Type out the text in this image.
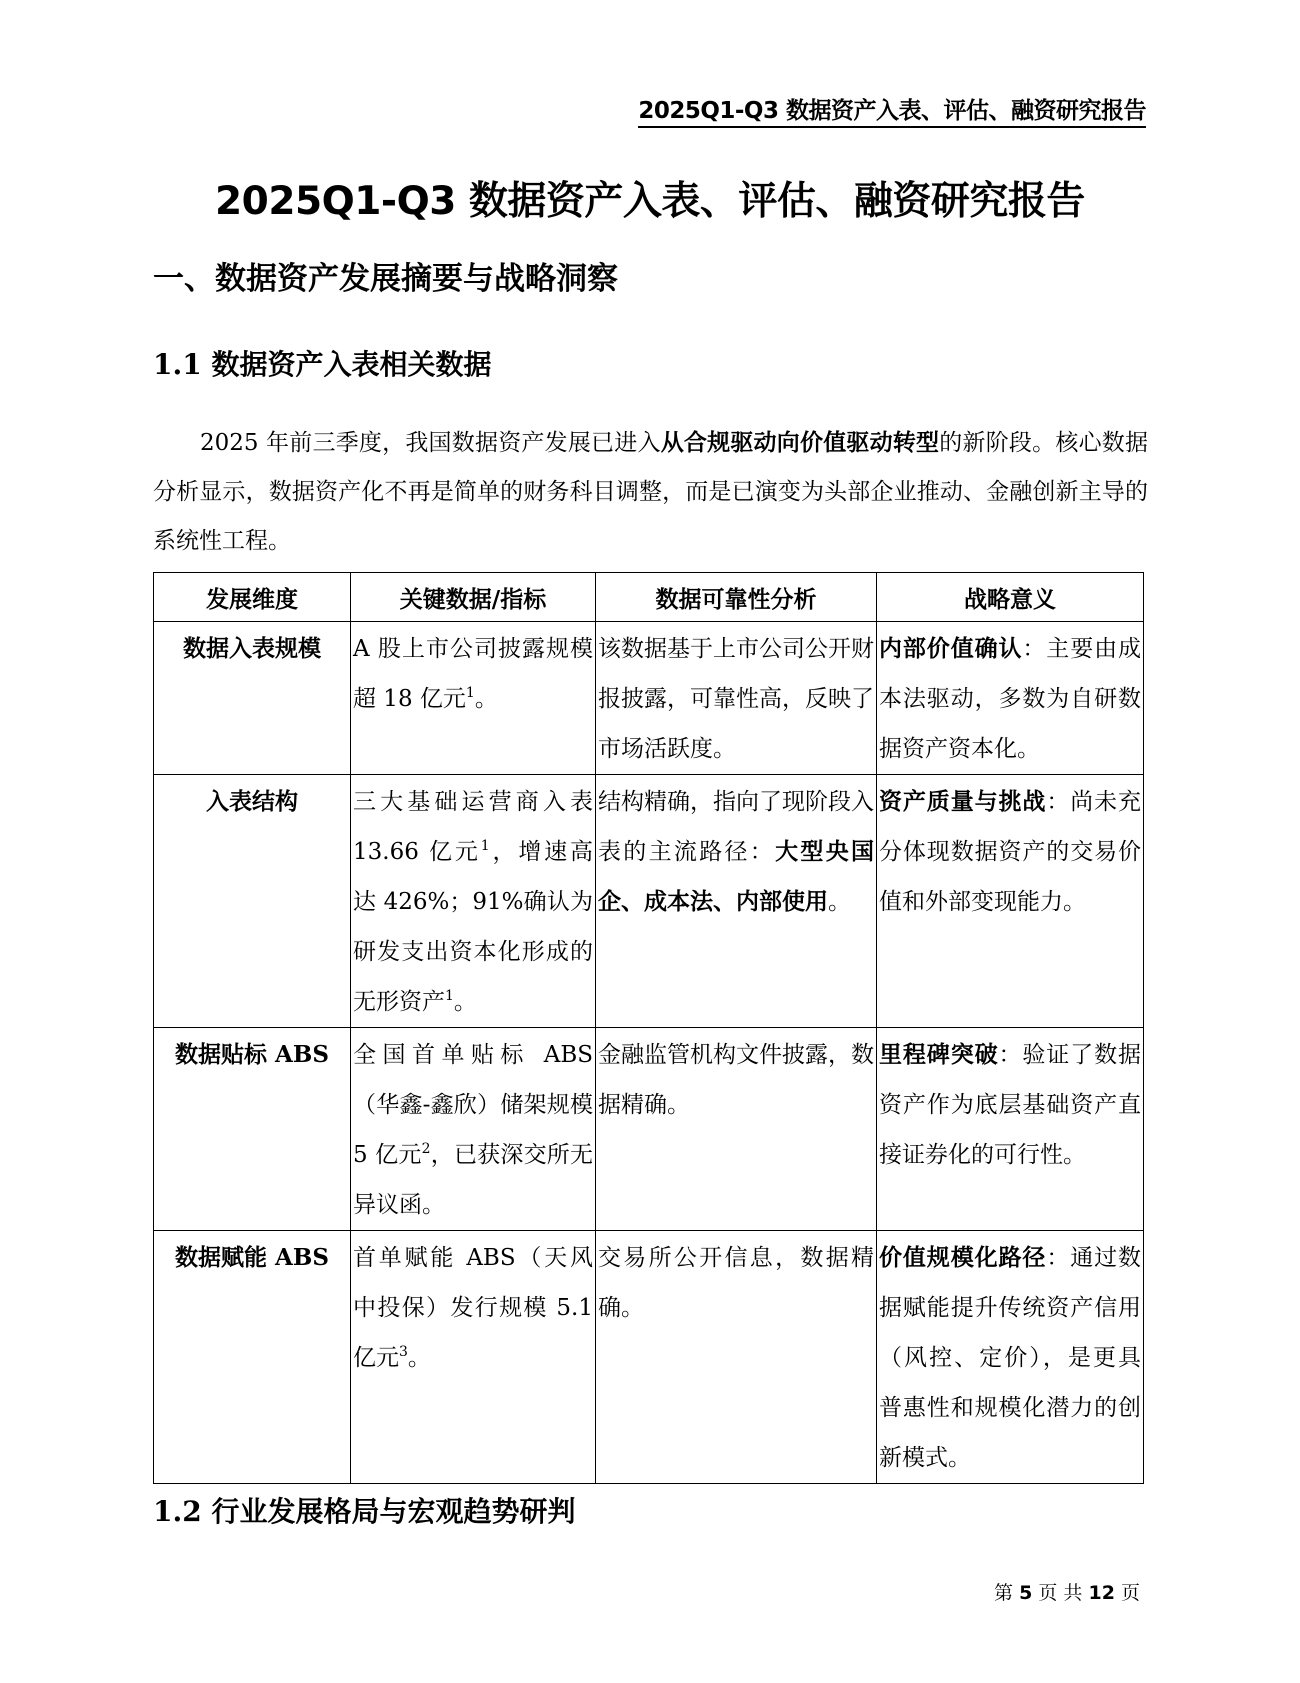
2025Q1-Q3 数据资产入表、评估、融资研究报告
2025Q1-Q3 数据资产入表、评估、融资研究报告
一、数据资产发展摘要与战略洞察
1.1 数据资产入表相关数据

2025 年前三季度，我国数据资产发展已进入从合规驱动向价值驱动转型的新阶段。核心数据分析显示，数据资产化不再是简单的财务科目调整，而是已演变为头部企业推动、金融创新主导的系统性工程。

发展维度	关键数据/指标	数据可靠性分析	战略意义
数据入表规模	A 股上市公司披露规模超 18 亿元$^1$。	该数据基于上市公司公开财报披露，可靠性高，反映了市场活跃度。	内部价值确认：主要由成本法驱动，多数为自研数据资产资本化。
入表结构	三大基础运营商入表 13.66 亿元$^1$，增速高达 426%；91%确认为研发支出资本化形成的无形资产$^1$。	结构精确，指向了现阶段入表的主流路径：大型央国企、成本法、内部使用。	资产质量与挑战：尚未充分体现数据资产的交易价值和外部变现能力。
数据贴标 ABS	全国首单贴标 ABS（华鑫-鑫欣）储架规模 5 亿元$^2$，已获深交所无异议函。	金融监管机构文件披露，数据精确。	里程碑突破：验证了数据资产作为底层基础资产直接证券化的可行性。
数据赋能 ABS	首单赋能 ABS（天风中投保）发行规模 5.1 亿元$^3$。	交易所公开信息，数据精确。	价值规模化路径：通过数据赋能提升传统资产信用（风控、定价），是更具普惠性和规模化潜力的创新模式。
1.2 行业发展格局与宏观趋势研判
第 5 页 共 12 页
